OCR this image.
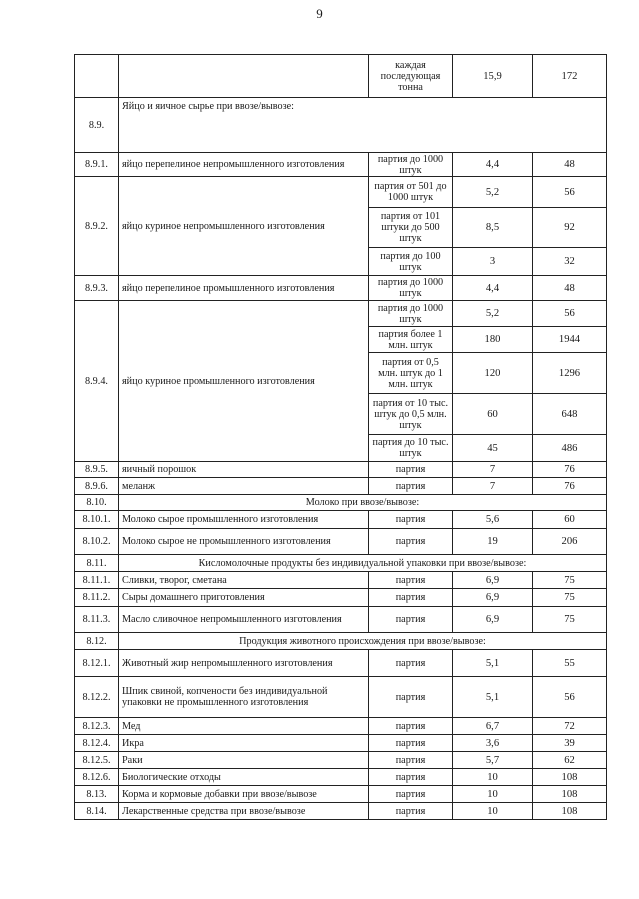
9
		каждая последующая тонна	15,9	172
8.9.	Яйцо и яичное сырье при ввозе/вывозе:			
8.9.1.	яйцо перепелиное непромышленного изготовления	партия до 1000 штук	4,4	48
8.9.2.	яйцо куриное непромышленного изготовления	партия от 501 до 1000 штук	5,2	56
		партия от 101 штуки до 500 штук	8,5	92
		партия до 100 штук	3	32
8.9.3.	яйцо перепелиное промышленного изготовления	партия до 1000 штук	4,4	48
8.9.4.	яйцо куриное промышленного изготовления	партия до 1000 штук	5,2	56
		партия более 1 млн. штук	180	1944
		партия от 0,5 млн. штук до 1 млн. штук	120	1296
		партия от 10 тыс. штук до 0,5 млн. штук	60	648
		партия до 10 тыс. штук	45	486
8.9.5.	яичный порошок	партия	7	76
8.9.6.	меланж	партия	7	76
8.10.	Молоко при ввозе/вывозе:			
8.10.1.	Молоко сырое промышленного изготовления	партия	5,6	60
8.10.2.	Молоко сырое не промышленного изготовления	партия	19	206
8.11.	Кисломолочные продукты без индивидуальной упаковки при ввозе/вывозе:			
8.11.1.	Сливки, творог, сметана	партия	6,9	75
8.11.2.	Сыры домашнего приготовления	партия	6,9	75
8.11.3.	Масло сливочное непромышленного изготовления	партия	6,9	75
8.12.	Продукция животного происхождения при ввозе/вывозе:			
8.12.1.	Животный жир непромышленного изготовления	партия	5,1	55
8.12.2.	Шпик свиной, копчености без индивидуальной упаковки не промышленного изготовления	партия	5,1	56
8.12.3.	Мед	партия	6,7	72
8.12.4.	Икра	партия	3,6	39
8.12.5.	Раки	партия	5,7	62
8.12.6.	Биологические отходы	партия	10	108
8.13.	Корма и кормовые добавки при ввозе/вывозе	партия	10	108
8.14.	Лекарственные средства при ввозе/вывозе	партия	10	108
